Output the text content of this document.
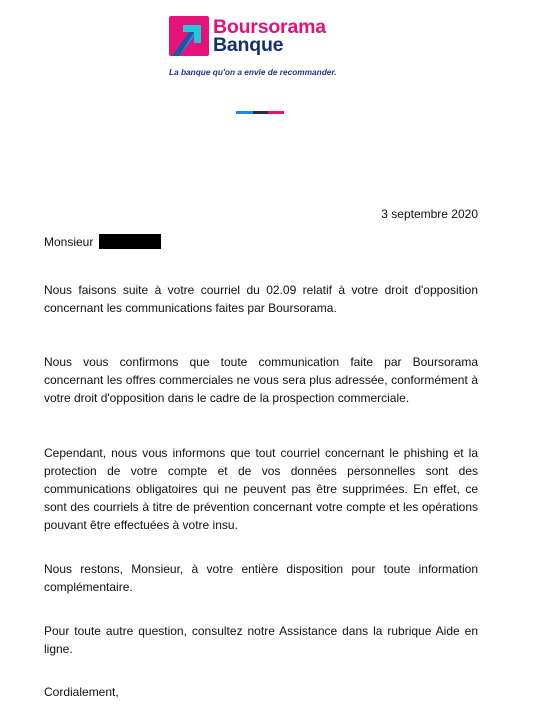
Boursorama
Banque
La banque qu'on a envie de recommander.
3 septembre 2020
Monsieur

Nous faisons suite à votre courriel du 02.09 relatif à votre droit d'opposition concernant les communications faites par Boursorama.

Nous vous confirmons que toute communication faite par Boursorama concernant les offres commerciales ne vous sera plus adressée, conformément à votre droit d'opposition dans le cadre de la prospection commerciale.

Cependant, nous vous informons que tout courriel concernant le phishing et la protection de votre compte et de vos données personnelles sont des communications obligatoires qui ne peuvent pas être supprimées. En effet, ce sont des courriels à titre de prévention concernant votre compte et les opérations pouvant être effectuées à votre insu.

Nous restons, Monsieur, à votre entière disposition pour toute information complémentaire.

Pour toute autre question, consultez notre Assistance dans la rubrique Aide en ligne.

Cordialement,
